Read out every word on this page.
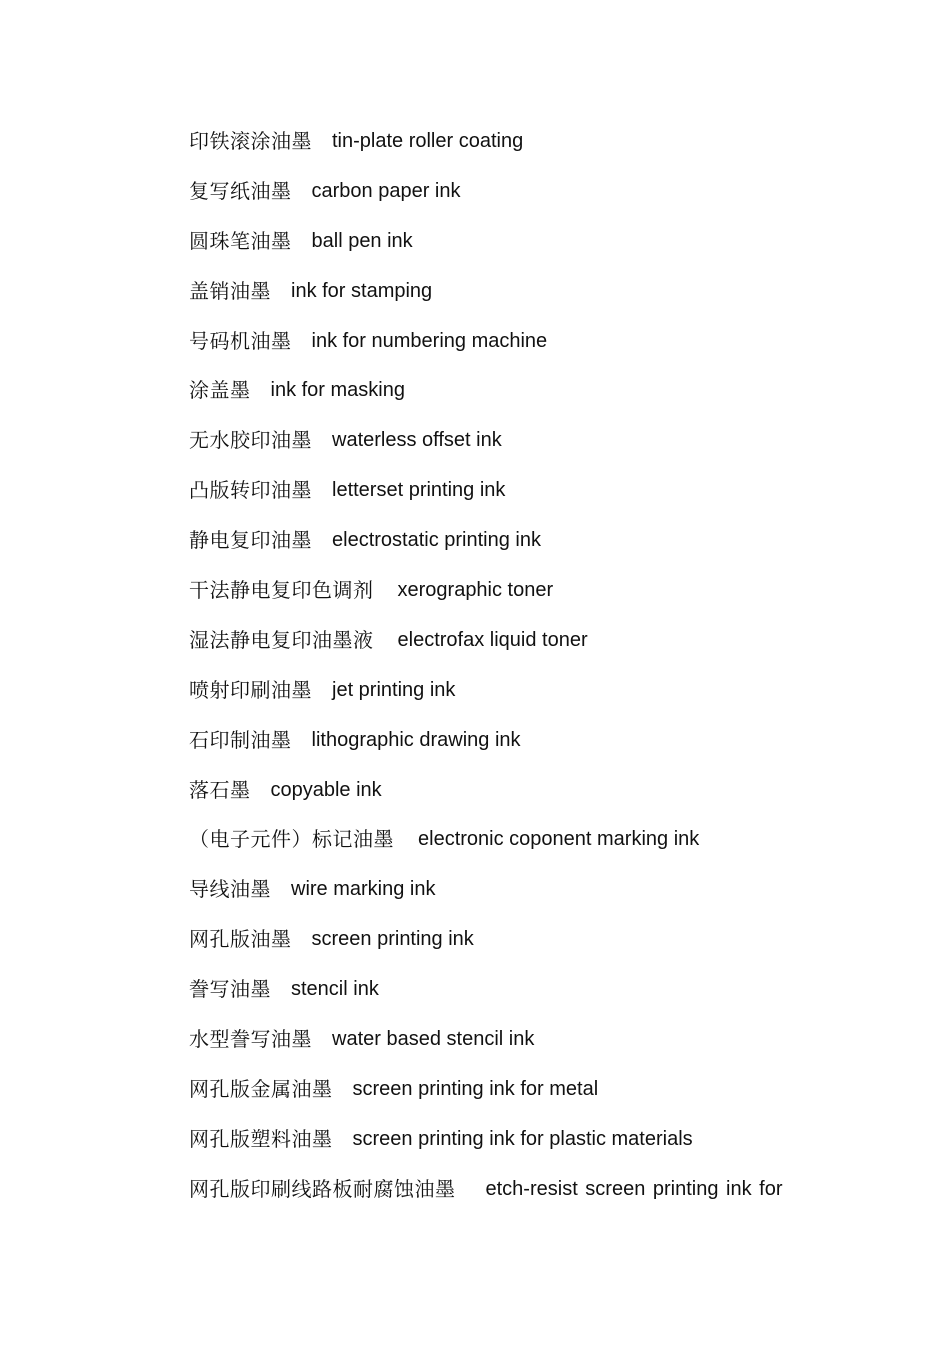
印铁滚涂油墨 tin-plate roller coating
复写纸油墨 carbon paper ink
圆珠笔油墨 ball pen ink
盖销油墨 ink for stamping
号码机油墨 ink for numbering machine
涂盖墨 ink for masking
无水胶印油墨 waterless offset ink
凸版转印油墨 letterset printing ink
静电复印油墨 electrostatic printing ink
干法静电复印色调剂 xerographic toner
湿法静电复印油墨液 electrofax liquid toner
喷射印刷油墨 jet printing ink
石印制油墨 lithographic drawing ink
落石墨 copyable ink
（电子元件）标记油墨 electronic coponent marking ink
导线油墨 wire marking ink
网孔版油墨 screen printing ink
誊写油墨 stencil ink
水型誊写油墨 water based stencil ink
网孔版金属油墨 screen printing ink for metal
网孔版塑料油墨 screen printing ink for plastic materials
网孔版印刷线路板耐腐蚀油墨 etch-resist screen printing ink for
